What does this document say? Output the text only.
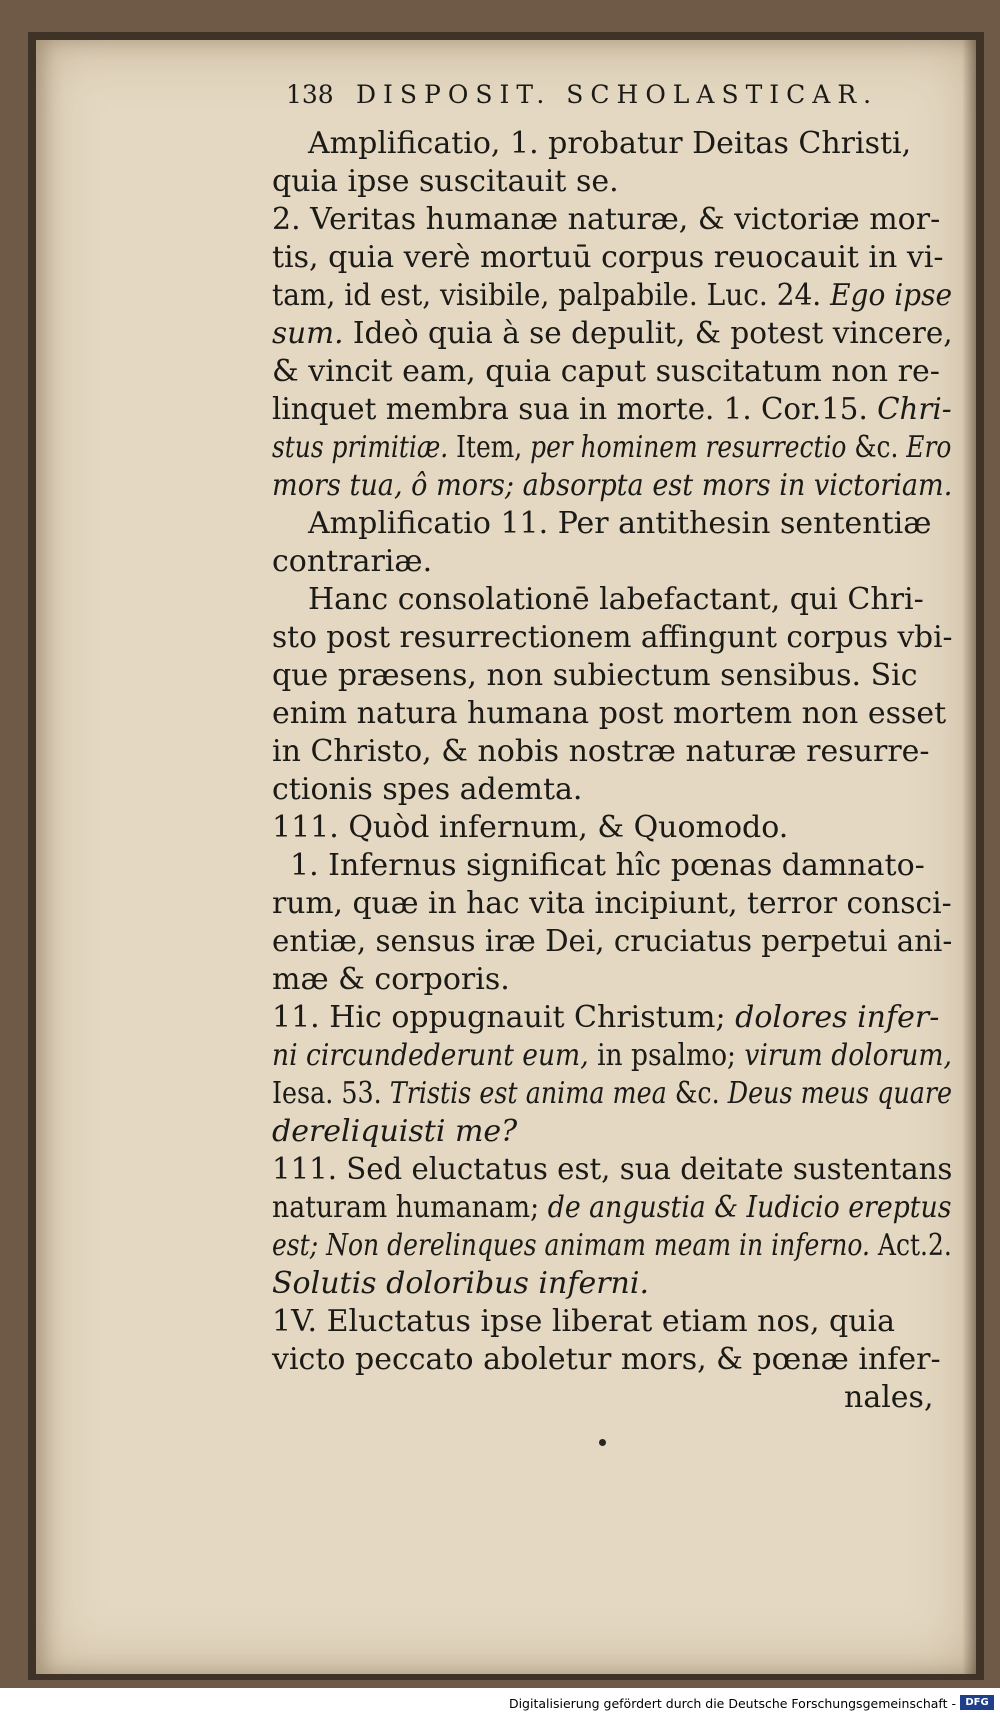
138 DISPOSIT. SCHOLASTICAR.
Amplificatio, 1. probatur Deitas Christi,
quia ipse suscitauit se.
2. Veritas humanæ naturæ, & victoriæ mor-
tis, quia verè mortuū corpus reuocauit in vi-
tam, id est, visibile, palpabile. Luc. 24. Ego ipse
sum. Ideò quia à se depulit, & potest vincere,
& vincit eam, quia caput suscitatum non re-
linquet membra sua in morte. 1. Cor.15. Chri-
stus primitiæ. Item, per hominem resurrectio &c. Ero
mors tua, ô mors; absorpta est mors in victoriam.
Amplificatio 11. Per antithesin sententiæ
contrariæ.
Hanc consolationē labefactant, qui Chri-
sto post resurrectionem affingunt corpus vbi-
que præsens, non subiectum sensibus. Sic
enim natura humana post mortem non esset
in Christo, & nobis nostræ naturæ resurre-
ctionis spes ademta.
111. Quòd infernum, & Quomodo.
1. Infernus significat hîc pœnas damnato-
rum, quæ in hac vita incipiunt, terror consci-
entiæ, sensus iræ Dei, cruciatus perpetui ani-
mæ & corporis.
11. Hic oppugnauit Christum; dolores infer-
ni circundederunt eum, in psalmo; virum dolorum,
Iesa. 53. Tristis est anima mea &c. Deus meus quare
dereliquisti me?
111. Sed eluctatus est, sua deitate sustentans
naturam humanam; de angustia & Iudicio ereptus
est; Non derelinques animam meam in inferno. Act.2.
Solutis doloribus inferni.
1V. Eluctatus ipse liberat etiam nos, quia
victo peccato aboletur mors, & pœnæ infer-
nales,
Digitalisierung gefördert durch die Deutsche Forschungsgemeinschaft - DFG
